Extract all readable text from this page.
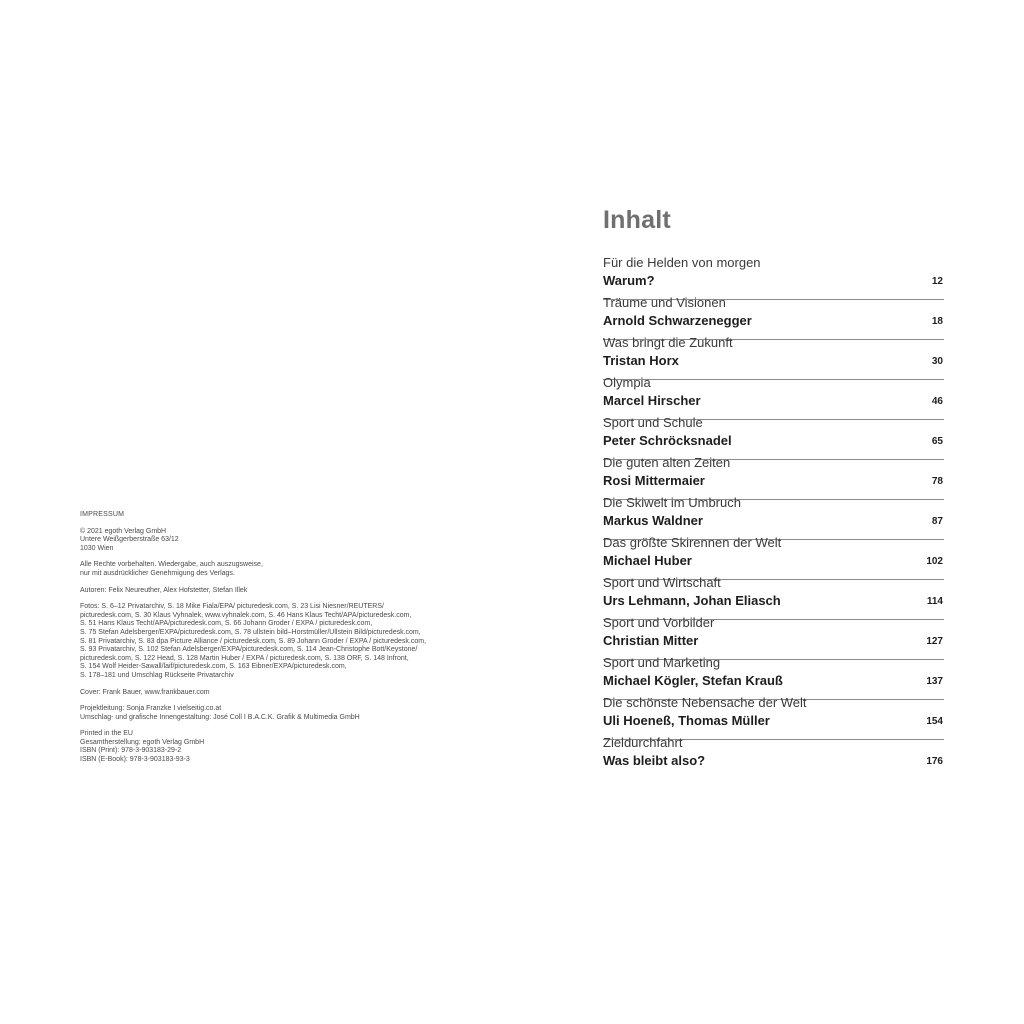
IMPRESSUM
© 2021 egoth Verlag GmbH
Untere Weißgerberstraße 63/12
1030 Wien
Alle Rechte vorbehalten. Wiedergabe, auch auszugsweise,
nur mit ausdrücklicher Genehmigung des Verlags.
Autoren: Felix Neureuther, Alex Hofstetter, Stefan Illek
Fotos: S. 6–12 Privatarchiv, S. 18 Mike Fiala/EPA/ picturedesk.com, S. 23 Lisi Niesner/REUTERS/
picturedesk.com, S. 30 Klaus Vyhnalek, www.vyhnalek.com, S. 46 Hans Klaus Techt/APA/picturedesk.com,
S. 51 Hans Klaus Techt/APA/picturedesk.com, S. 66 Johann Groder / EXPA / picturedesk.com,
S. 75 Stefan Adelsberger/EXPA/picturedesk.com, S. 78 ullstein bild–Horstmüller/Ullstein Bild/picturedesk.com,
S. 81 Privatarchiv, S. 83 dpa Picture Alliance / picturedesk.com, S. 89 Johann Groder / EXPA / picturedesk.com,
S. 93 Privatarchiv, S. 102 Stefan Adelsberger/EXPA/picturedesk.com, S. 114 Jean-Christophe Bott/Keystone/
picturedesk.com, S. 122 Head, S. 128 Martin Huber / EXPA / picturedesk.com, S. 138 ORF, S. 148 Infront,
S. 154 Wolf Heider-Sawall/laif/picturedesk.com, S. 163 Eibner/EXPA/picturedesk.com,
S. 178–181 und Umschlag Rückseite Privatarchiv
Cover: Frank Bauer, www.frankbauer.com
Projektleitung: Sonja Franzke I vielseitig.co.at
Umschlag- und grafische Innengestaltung: José Coll I B.A.C.K. Grafik & Multimedia GmbH
Printed in the EU
Gesamtherstellung: egoth Verlag GmbH
ISBN (Print): 978-3-903183-29-2
ISBN (E-Book): 978-3-903183-93-3
Inhalt
Für die Helden von morgen
Warum?	12
Träume und Visionen
Arnold Schwarzenegger	18
Was bringt die Zukunft
Tristan Horx	30
Olympia
Marcel Hirscher	46
Sport und Schule
Peter Schröcksnadel	65
Die guten alten Zeiten
Rosi Mittermaier	78
Die Skiwelt im Umbruch
Markus Waldner	87
Das größte Skirennen der Welt
Michael Huber	102
Sport und Wirtschaft
Urs Lehmann, Johan Eliasch	114
Sport und Vorbilder
Christian Mitter	127
Sport und Marketing
Michael Kögler, Stefan Krauß	137
Die schönste Nebensache der Welt
Uli Hoeneß, Thomas Müller	154
Zieldurchfahrt
Was bleibt also?	176
